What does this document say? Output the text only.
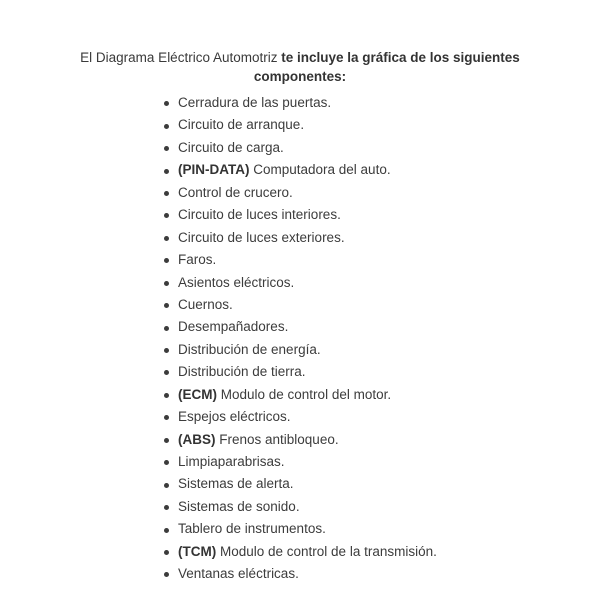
El Diagrama Eléctrico Automotriz te incluye la gráfica de los siguientes componentes:

Cerradura de las puertas.
Circuito de arranque.
Circuito de carga.
(PIN-DATA) Computadora del auto.
Control de crucero.
Circuito de luces interiores.
Circuito de luces exteriores.
Faros.
Asientos eléctricos.
Cuernos.
Desempañadores.
Distribución de energía.
Distribución de tierra.
(ECM) Modulo de control del motor.
Espejos eléctricos.
(ABS) Frenos antibloqueo.
Limpiaparabrisas.
Sistemas de alerta.
Sistemas de sonido.
Tablero de instrumentos.
(TCM) Modulo de control de la transmisión.
Ventanas eléctricas.
